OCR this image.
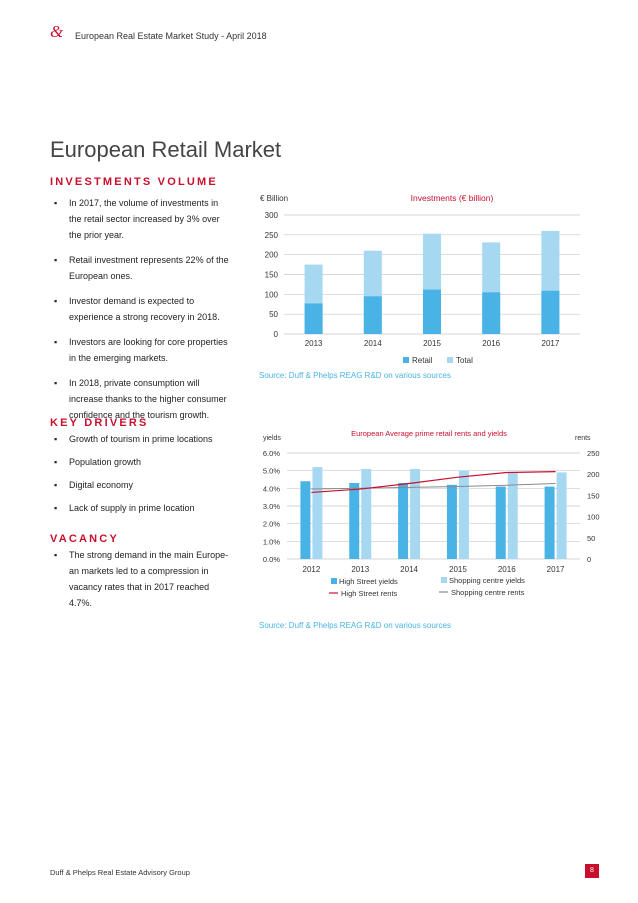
& European Real Estate Market Study - April 2018
European Retail Market
INVESTMENTS VOLUME
▪ In 2017, the volume of investments in
the retail sector increased by 3% over
the prior year.
▪ Retail investment represents 22% of the
European ones.
▪ Investor demand is expected to
experience a strong recovery in 2018.
▪ Investors are looking for core properties
in the emerging markets.
▪ In 2018, private consumption will
increase thanks to the higher consumer
confidence and the tourism growth.
KEY DRIVERS
▪ Growth of tourism in prime locations
▪ Population growth
▪ Digital economy
▪ Lack of supply in prime location
VACANCY
▪ The strong demand in the main Europe-
an markets led to a compression in
vacancy rates that in 2017 reached
4.7%.
€ Billion	Investments (€ billion)
0
50
100
150
200
250
300
2013	2014	2015	2016	2017
Retail	Total
Source: Duff & Phelps REAG R&D on various sources
European Average prime retail rents and yields
yields	rents
0.0%
1.0%
2.0%
3.0%
4.0%
5.0%
6.0%
0
50
100
150
200
250
2012	2013	2014	2015	2016	2017
High Street yields	Shopping centre yields
High Street rents	Shopping centre rents
Source: Duff & Phelps REAG R&D on various sources
Duff & Phelps Real Estate Advisory Group	8
